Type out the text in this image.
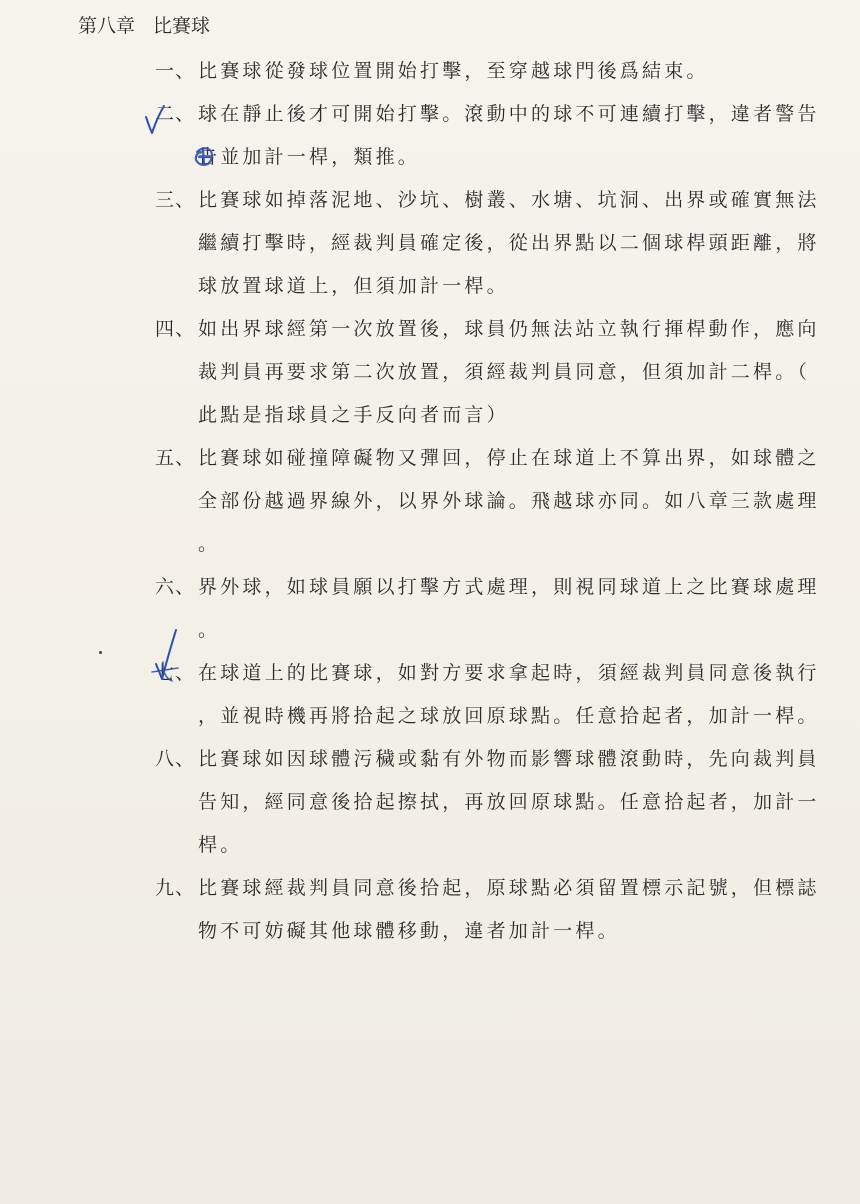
第八章 比賽球
一、 比賽球從發球位置開始打擊，至穿越球門後爲結束。
二、 球在靜止後才可開始打擊。滾動中的球不可連續打擊，違者警告
告並加計一桿，類推。
三、 比賽球如掉落泥地、沙坑、樹叢、水塘、坑洞、出界或確實無法
繼續打擊時，經裁判員確定後，從出界點以二個球桿頭距離，將
球放置球道上，但須加計一桿。
四、 如出界球經第一次放置後，球員仍無法站立執行揮桿動作，應向
裁判員再要求第二次放置，須經裁判員同意，但須加計二桿。（
此點是指球員之手反向者而言）
五、 比賽球如碰撞障礙物又彈回，停止在球道上不算出界，如球體之
全部份越過界線外，以界外球論。飛越球亦同。如八章三款處理
。
六、 界外球，如球員願以打擊方式處理，則視同球道上之比賽球處理
。
七、 在球道上的比賽球，如對方要求拿起時，須經裁判員同意後執行
，並視時機再將拾起之球放回原球點。任意拾起者，加計一桿。
八、 比賽球如因球體污穢或黏有外物而影響球體滾動時，先向裁判員
告知，經同意後拾起擦拭，再放回原球點。任意拾起者，加計一
桿。
九、 比賽球經裁判員同意後拾起，原球點必須留置標示記號，但標誌
物不可妨礙其他球體移動，違者加計一桿。
